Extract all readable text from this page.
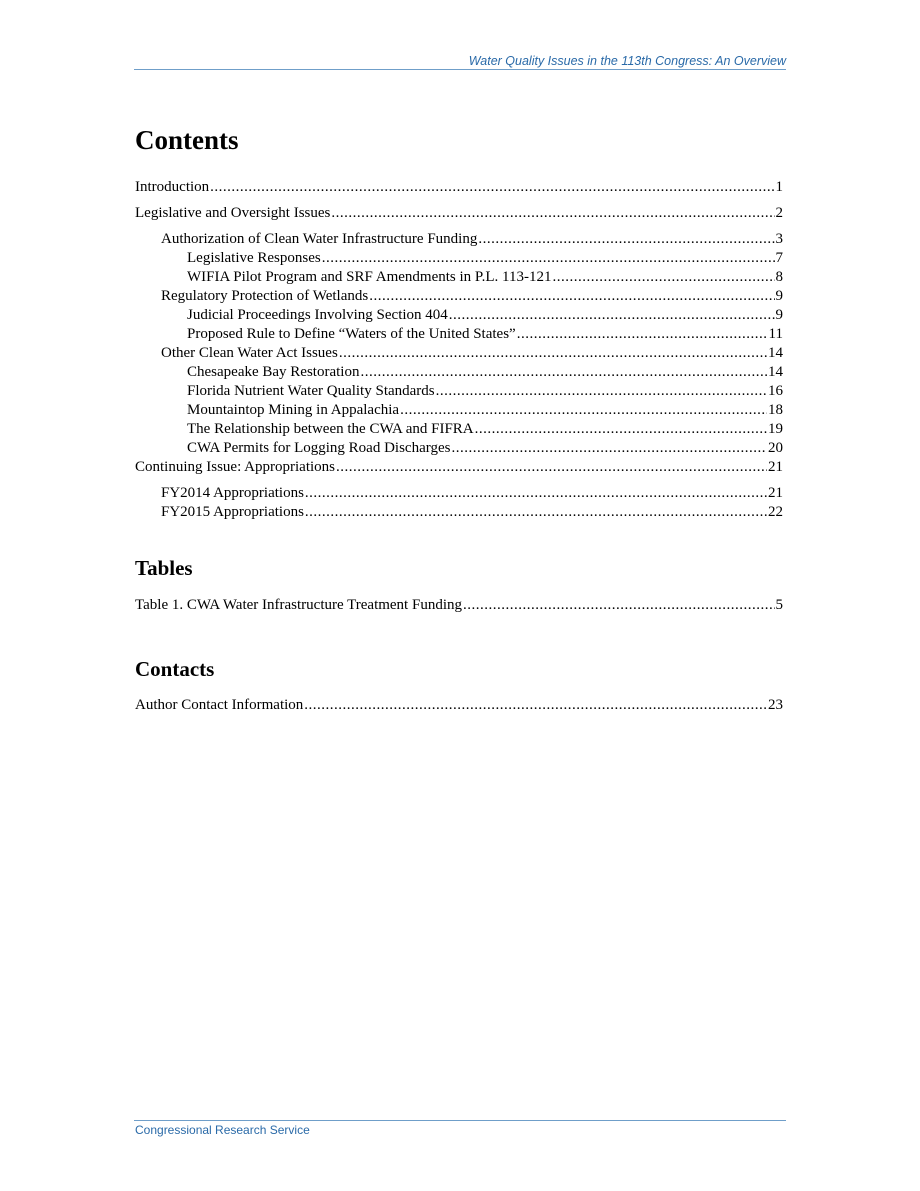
Water Quality Issues in the 113th Congress: An Overview
Contents
Introduction .....	1
Legislative and Oversight Issues .....	2
Authorization of Clean Water Infrastructure Funding .....	3
Legislative Responses .....	7
WIFIA Pilot Program and SRF Amendments in P.L. 113-121 .....	8
Regulatory Protection of Wetlands .....	9
Judicial Proceedings Involving Section 404 .....	9
Proposed Rule to Define “Waters of the United States” .....	11
Other Clean Water Act Issues .....	14
Chesapeake Bay Restoration .....	14
Florida Nutrient Water Quality Standards .....	16
Mountaintop Mining in Appalachia .....	18
The Relationship between the CWA and FIFRA .....	19
CWA Permits for Logging Road Discharges .....	20
Continuing Issue: Appropriations .....	21
FY2014 Appropriations .....	21
FY2015 Appropriations .....	22
Tables
Table 1. CWA Water Infrastructure Treatment Funding .....	5
Contacts
Author Contact Information .....	23
Congressional Research Service
